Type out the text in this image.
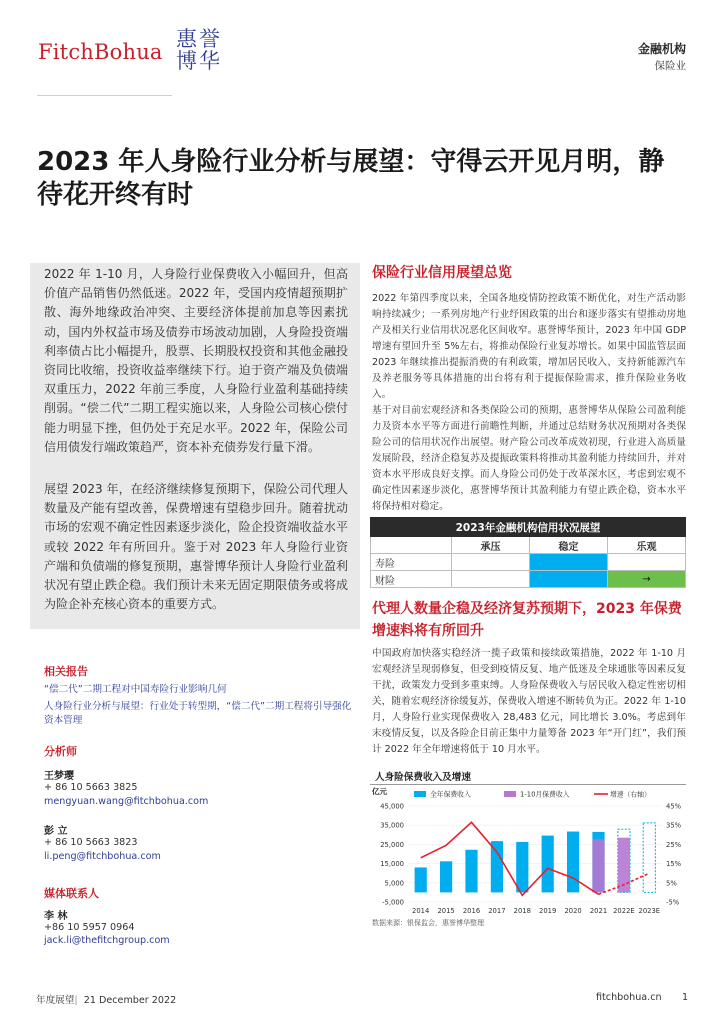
FitchBohua
惠誉博华	金融机构
保险业
2023 年人身险行业分析与展望：守得云开见月明，静待花开终有时

2022 年 1-10 月，人身险行业保费收入小幅回升，但高价值产品销售仍然低迷。2022 年，受国内疫情超预期扩散、海外地缘政治冲突、主要经济体提前加息等因素扰动，国内外权益市场及债券市场波动加剧，人身险投资端利率债占比小幅提升，股票、长期股权投资和其他金融投资同比收缩，投资收益率继续下行。迫于资产端及负债端双重压力，2022 年前三季度，人身险行业盈利基础持续削弱。“偿二代”二期工程实施以来，人身险公司核心偿付能力明显下挫，但仍处于充足水平。2022 年，保险公司信用债发行端政策趋严，资本补充债券发行量下滑。

展望 2023 年，在经济继续修复预期下，保险公司代理人数量及产能有望改善，保费增速有望稳步回升。随着扰动市场的宏观不确定性因素逐步淡化，险企投资端收益水平或较 2022 年有所回升。鉴于对 2023 年人身险行业资产端和负债端的修复预期，惠誉博华预计人身险行业盈利状况有望止跌企稳。我们预计未来无固定期限债务或将成为险企补充核心资本的重要方式。

保险行业信用展望总览

2022 年第四季度以来，全国各地疫情防控政策不断优化，对生产活动影响持续减少；一系列房地产行业纾困政策的出台和逐步落实有望推动房地产及相关行业信用状况恶化区间收窄。惠誉博华预计，2023 年中国 GDP 增速有望回升至 5%左右，将推动保险行业复苏增长。如果中国监管层面 2023 年继续推出提振消费的有利政策，增加居民收入、支持新能源汽车及养老服务等具体措施的出台将有利于提振保险需求，推升保险业务收入。

基于对目前宏观经济和各类保险公司的预期，惠誉博华从保险公司盈利能力及资本水平等方面进行前瞻性判断，并通过总结财务状况预期对各类保险公司的信用状况作出展望。财产险公司改革成效初现，行业进入高质量发展阶段，经济企稳复苏及提振政策料将推动其盈利能力持续回升，并对资本水平形成良好支撑。而人身险公司仍处于改革深水区，考虑到宏观不确定性因素逐步淡化，惠誉博华预计其盈利能力有望止跌企稳，资本水平将保持相对稳定。

2023年金融机构信用状况展望			
	承压	稳定	乐观
寿险			
财险			→
代理人数量企稳及经济复苏预期下，2023 年保费增速料将有所回升

中国政府加快落实稳经济一揽子政策和接续政策措施，2022 年 1-10 月宏观经济呈现弱修复，但受到疫情反复、地产低迷及全球通胀等因素反复干扰，政策发力受到多重束缚。人身险保费收入与居民收入稳定性密切相关，随着宏观经济徐缓复苏，保费收入增速不断转负为正。2022 年 1-10 月，人身险行业实现保费收入 28,483 亿元，同比增长 3.0%。考虑到年末疫情反复，以及各险企目前正集中力量筹备 2023 年“开门红”，我们预计 2022 年全年增速将低于 10 月水平。

人身险保费收入及增速
亿元
-5,000
5,000
15,000
25,000
35,000
45,000
-5%
5%
15%
25%
35%
45%
2014 2015 2016 2017 2018 2019 2020 2021 2022E 2023E
全年保费收入	1-10月保费收入	增速（右轴）
数据来源：银保监会，惠誉博华整理
相关报告
“偿二代”二期工程对中国寿险行业影响几何
人身险行业分析与展望：行业处于转型期，“偿二代”二期工程将引导强化资本管理
分析师
王梦璎
+ 86 10 5663 3825
mengyuan.wang@fitchbohua.com
彭 立
+ 86 10 5663 3823
li.peng@fitchbohua.com
媒体联系人
李 林
+86 10 5957 0964
jack.li@thefitchgroup.com
年度展望| 21 December 2022	fitchbohua.cn 1
